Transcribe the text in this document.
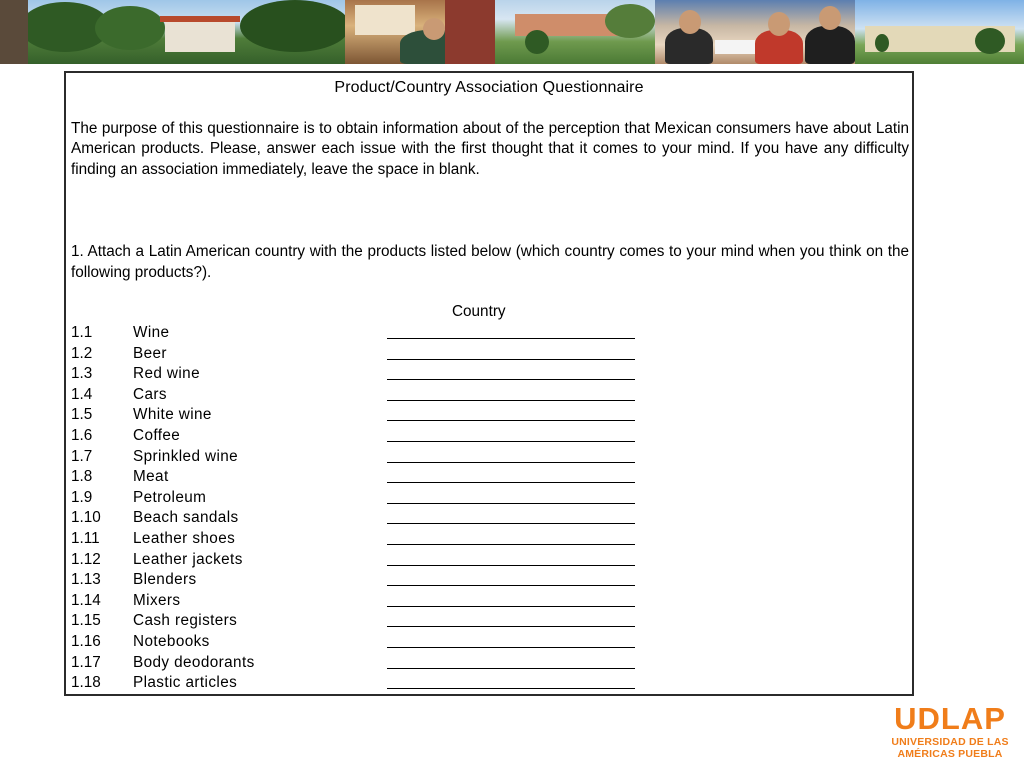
Product/Country Association Questionnaire

The purpose of this questionnaire is to obtain information about of the perception that Mexican consumers have about Latin American products. Please, answer each issue with the first thought that it comes to your mind. If you have any difficulty finding an association immediately, leave the space in blank.

1. Attach a Latin American country with the products listed below (which country comes to your mind when you think on the following products?).

Country
1.1	Wine
1.2	Beer
1.3	Red wine
1.4	Cars
1.5	White wine
1.6	Coffee
1.7	Sprinkled wine
1.8	Meat
1.9	Petroleum
1.10	Beach sandals
1.11	Leather shoes
1.12	Leather jackets
1.13	Blenders
1.14	Mixers
1.15	Cash registers
1.16	Notebooks
1.17	Body deodorants
1.18	Plastic articles
UDLAP
UNIVERSIDAD DE LAS
AMÉRICAS PUEBLA
